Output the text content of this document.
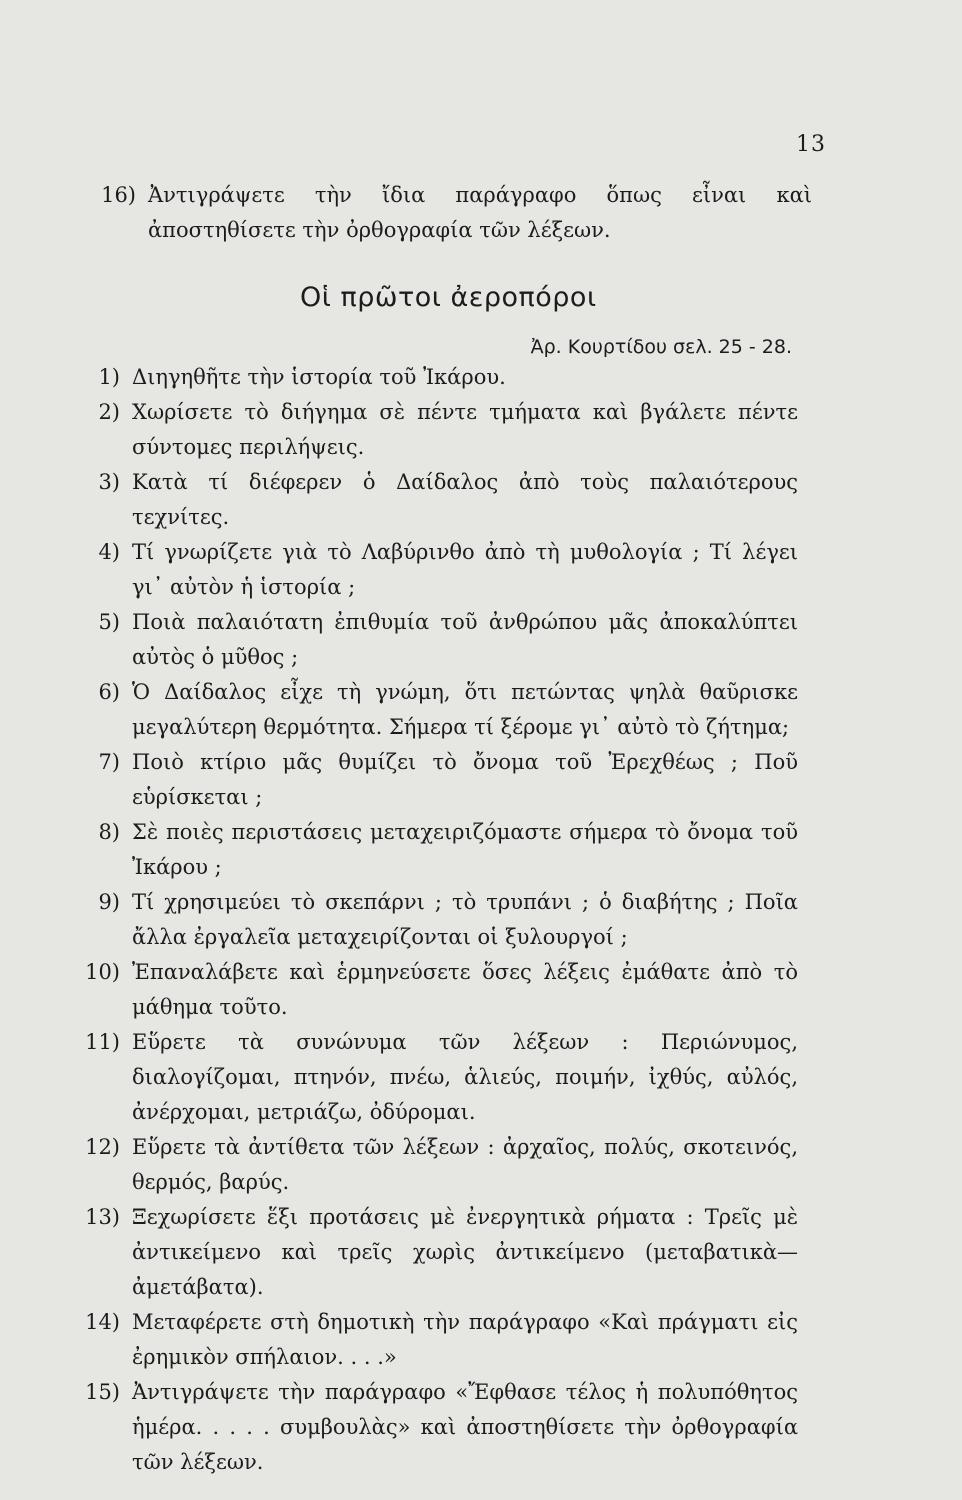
13
16) Ἀντιγράψετε τὴν ἴδια παράγραφο ὅπως εἶναι καὶ ἀποστηθίσετε τὴν ὀρθογραφία τῶν λέξεων.
Οἱ πρῶτοι ἀεροπόροι
Ἀρ. Κουρτίδου σελ. 25 - 28.
1) Διηγηθῆτε τὴν ἱστορία τοῦ Ἰκάρου.
2) Χωρίσετε τὸ διήγημα σὲ πέντε τμήματα καὶ βγάλετε πέντε σύντομες περιλήψεις.
3) Κατὰ τί διέφερεν ὁ Δαίδαλος ἀπὸ τοὺς παλαιότερους τεχνίτες.
4) Τί γνωρίζετε γιὰ τὸ Λαβύρινθο ἀπὸ τὴ μυθολογία ; Τί λέγει γι᾽ αὐτὸν ἡ ἱστορία ;
5) Ποιὰ παλαιότατη ἐπιθυμία τοῦ ἀνθρώπου μᾶς ἀποκαλύπτει αὐτὸς ὁ μῦθος ;
6) Ὁ Δαίδαλος εἶχε τὴ γνώμη, ὅτι πετώντας ψηλὰ θαῦρισκε μεγαλύτερη θερμότητα. Σήμερα τί ξέρομε γι᾽ αὐτὸ τὸ ζήτημα;
7) Ποιὸ κτίριο μᾶς θυμίζει τὸ ὄνομα τοῦ Ἐρεχθέως ; Ποῦ εὑρίσκεται ;
8) Σὲ ποιὲς περιστάσεις μεταχειριζόμαστε σήμερα τὸ ὄνομα τοῦ Ἰκάρου ;
9) Τί χρησιμεύει τὸ σκεπάρνι ; τὸ τρυπάνι ; ὁ διαβήτης ; Ποῖα ἄλλα ἐργαλεῖα μεταχειρίζονται οἱ ξυλουργοί ;
10) Ἐπαναλάβετε καὶ ἑρμηνεύσετε ὅσες λέξεις ἐμάθατε ἀπὸ τὸ μάθημα τοῦτο.
11) Εὕρετε τὰ συνώνυμα τῶν λέξεων : Περιώνυμος, διαλογίζομαι, πτηνόν, πνέω, ἁλιεύς, ποιμήν, ἰχθύς, αὐλός, ἀνέρχομαι, μετριάζω, ὀδύρομαι.
12) Εὕρετε τὰ ἀντίθετα τῶν λέξεων : ἀρχαῖος, πολύς, σκοτεινός, θερμός, βαρύς.
13) Ξεχωρίσετε ἕξι προτάσεις μὲ ἐνεργητικὰ ρήματα : Τρεῖς μὲ ἀντικείμενο καὶ τρεῖς χωρὶς ἀντικείμενο (μεταβατικὰ—ἀμετάβατα).
14) Μεταφέρετε στὴ δημοτικὴ τὴν παράγραφο «Καὶ πράγματι εἰς ἐρημικὸν σπήλαιον. . . .»
15) Ἀντιγράψετε τὴν παράγραφο «Ἔφθασε τέλος ἡ πολυπόθητος ἡμέρα. . . . . συμβουλὰς» καὶ ἀποστηθίσετε τὴν ὀρθογραφία τῶν λέξεων.
